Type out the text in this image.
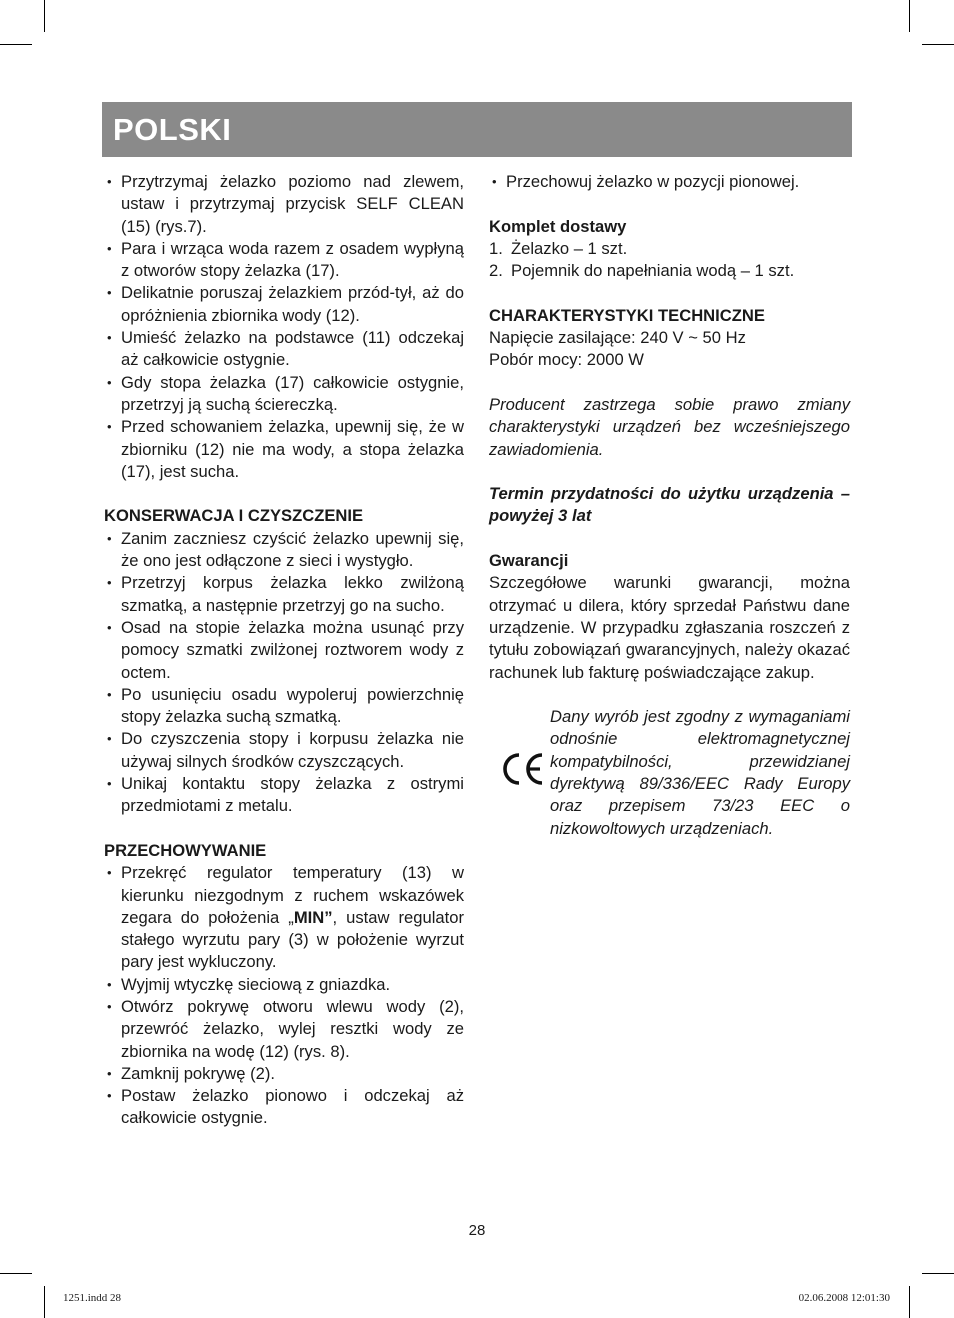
POLSKI
• Przytrzymaj żelazko poziomo nad zlewem, ustaw i przytrzymaj przycisk SELF CLEAN (15) (rys.7).
• Para i wrząca woda razem z osadem wypłyną z otworów stopy żelazka (17).
• Delikatnie poruszaj żelazkiem przód-tył, aż do opróżnienia zbiornika wody (12).
• Umieść żelazko na podstawce (11) odczekaj aż całkowicie ostygnie.
• Gdy stopa żelazka (17) całkowicie ostygnie, przetrzyj ją suchą ściereczką.
• Przed schowaniem żelazka, upewnij się, że w zbiorniku (12) nie ma wody, a stopa żelazka (17), jest sucha.

KONSERWACJA I CZYSZCZENIE

• Zanim zaczniesz czyścić żelazko upewnij się, że ono jest odłączone z sieci i wystygło.
• Przetrzyj korpus żelazka lekko zwilżoną szmatką, a następnie przetrzyj go na sucho.
• Osad na stopie żelazka można usunąć przy pomocy szmatki zwilżonej roztworem wody z octem.
• Po usunięciu osadu wypoleruj powierzchnię stopy żelazka suchą szmatką.
• Do czyszczenia stopy i korpusu żelazka nie używaj silnych środków czyszczących.
• Unikaj kontaktu stopy żelazka z ostrymi przedmiotami z metalu.

PRZECHOWYWANIE

• Przekręć regulator temperatury (13) w kierunku niezgodnym z ruchem wskazówek zegara do położenia „MIN”, ustaw regulator stałego wyrzutu pary (3) w położenie wyrzut pary jest wykluczony.
• Wyjmij wtyczkę sieciową z gniazdka.
• Otwórz pokrywę otworu wlewu wody (2), przewróć żelazko, wylej resztki wody ze zbiornika na wodę (12) (rys. 8).
• Zamknij pokrywę (2).
• Postaw żelazko pionowo i odczekaj aż całkowicie ostygnie.
• Przechowuj żelazko w pozycji pionowej.

Komplet dostawy

1. Żelazko – 1 szt.
2. Pojemnik do napełniania wodą – 1 szt.

CHARAKTERYSTYKI TECHNICZNE

Napięcie zasilające: 240 V ~ 50 Hz

Pobór mocy: 2000 W

Producent zastrzega sobie prawo zmiany charakterystyki urządzeń bez wcześniejszego zawiadomienia.

Termin przydatności do użytku urządzenia – powyżej 3 lat

Gwarancji

Szczegółowe warunki gwarancji, można otrzymać u dilera, który sprzedał Państwu dane urządzenie. W przypadku zgłaszania roszczeń z tytułu zobowiązań gwarancyjnych, należy okazać rachunek lub fakturę poświadczające zakup.

Dany wyrób jest zgodny z wymaganiami odnośnie elektromagnetycznej kompatybilności, przewidzianej dyrektywą 89/336/EEC Rady Europy oraz przepisem 73/23 EEC o nizkowoltowych urządzeniach.

28
1251.indd 28	02.06.2008 12:01:30
